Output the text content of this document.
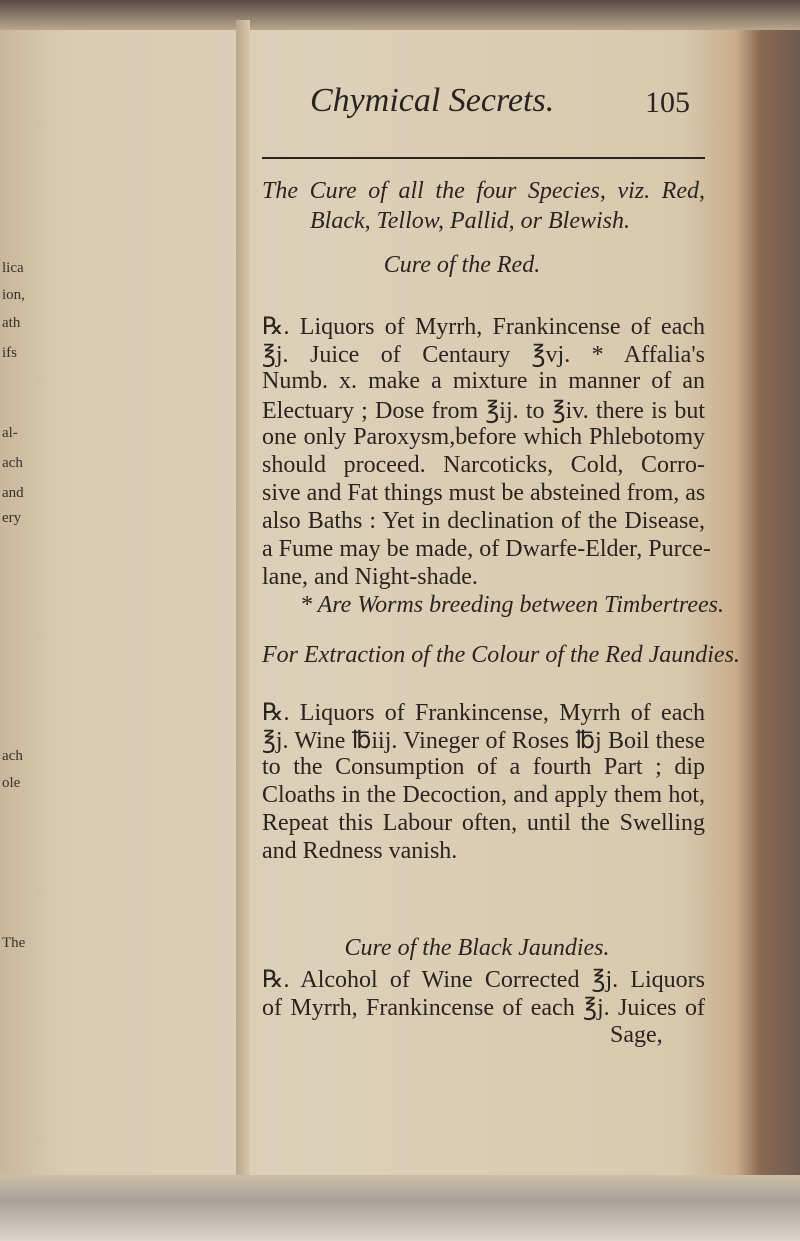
lica
ion,
ath
ifs
al-
ach
and
ery
ach
ole
The
Chymical Secrets.	105
The Cure of all the four Species, viz. Red,
Black, Tellow, Pallid, or Blewish.
Cure of the Red.
℞. Liquors of Myrrh, Frankincense of each
℥j. Juice of Centaury ℥vj. * Affalia's
Numb. x. make a mixture in manner of an
Electuary ; Dose from ℥ij. to ℥iv. there is but
one only Paroxysm,before which Phlebotomy
should proceed. Narcoticks, Cold, Corro-
sive and Fat things must be absteined from, as
also Baths : Yet in declination of the Disease,
a Fume may be made, of Dwarfe-Elder, Purce-
lane, and Night-shade.
* Are Worms breeding between Timbertrees.
For Extraction of the Colour of the Red Jaundies.
℞. Liquors of Frankincense, Myrrh of each
℥j. Wine ℔iij. Vineger of Roses ℔j Boil these
to the Consumption of a fourth Part ; dip
Cloaths in the Decoction, and apply them hot,
Repeat this Labour often, until the Swelling
and Redness vanish.
Cure of the Black Jaundies.
℞. Alcohol of Wine Corrected ℥j. Liquors
of Myrrh, Frankincense of each ℥j. Juices of
Sage,
